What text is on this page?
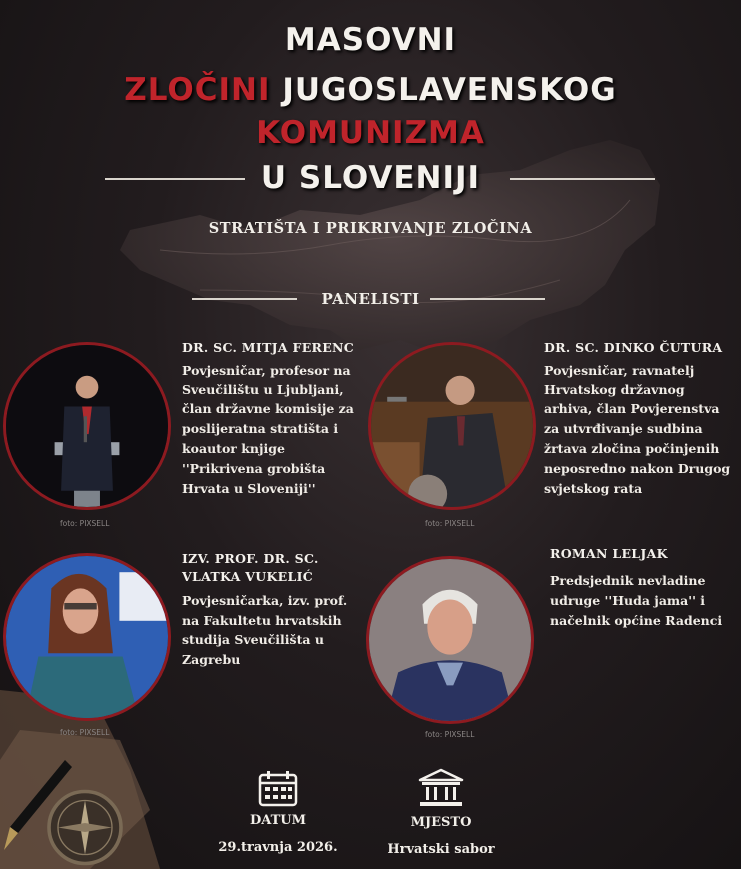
MASOVNI
ZLOČINI JUGOSLAVENSKOG
KOMUNIZMA
U SLOVENIJI
STRATIŠTA I PRIKRIVANJE ZLOČINA
PANELISTI
foto: PIXSELL
DR. SC. MITJA FERENC
Povjesničar, profesor na
Sveučilištu u Ljubljani,
član državne komisije za
poslijeratna stratišta i
koautor knjige
''Prikrivena grobišta
Hrvata u Sloveniji''
foto: PIXSELL
DR. SC. DINKO ČUTURA
Povjesničar, ravnatelj
Hrvatskog državnog
arhiva, član Povjerenstva
za utvrđivanje sudbina
žrtava zločina počinjenih
neposredno nakon Drugog
svjetskog rata
foto: PIXSELL
IZV. PROF. DR. SC.
VLATKA VUKELIĆ
Povjesničarka, izv. prof.
na Fakultetu hrvatskih
studija Sveučilišta u
Zagrebu
foto: PIXSELL
ROMAN LELJAK
Predsjednik nevladine
udruge ''Huda jama'' i
načelnik općine Radenci
DATUM
29.travnja 2026.
MJESTO
Hrvatski sabor
